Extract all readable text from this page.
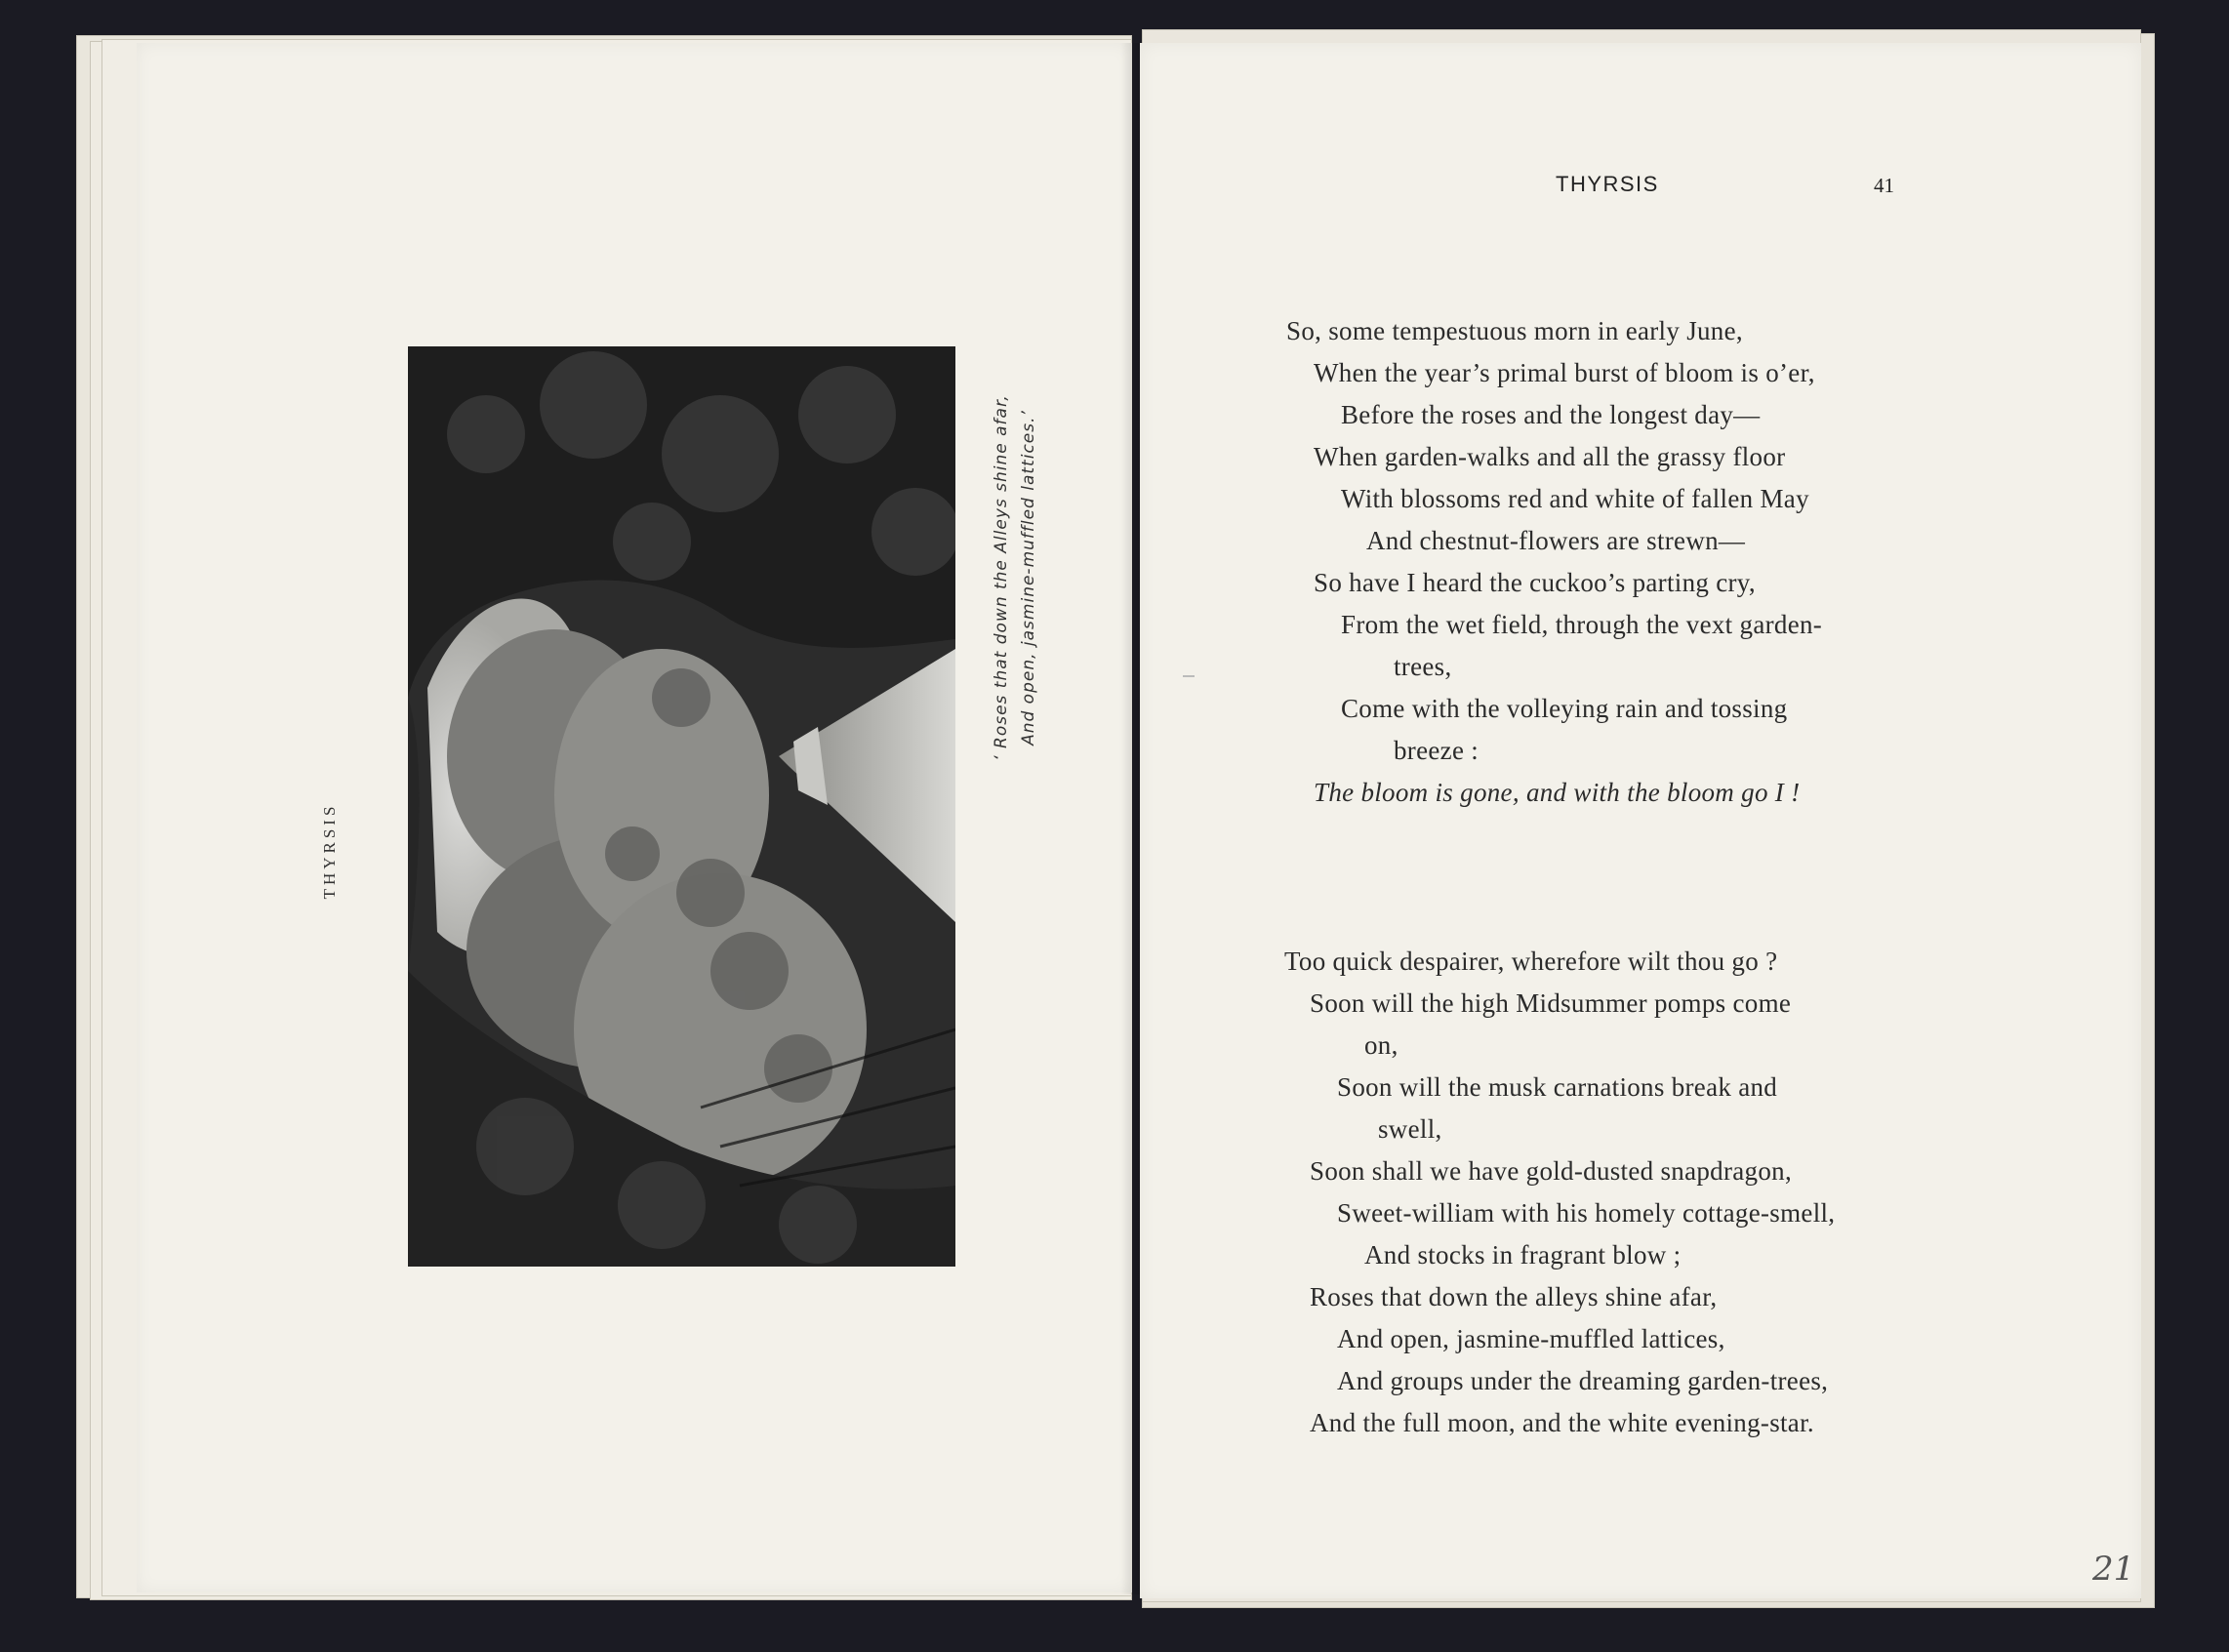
THYRSIS
‘ Roses that down the Alleys shine afar, And open, jasmine-muffled lattices.’
THYRSIS	41
So, some tempestuous morn in early June,
When the year’s primal burst of bloom is o’er,
Before the roses and the longest day—
When garden-walks and all the grassy floor
With blossoms red and white of fallen May
And chestnut-flowers are strewn—
So have I heard the cuckoo’s parting cry,
From the wet field, through the vext garden-
trees,
Come with the volleying rain and tossing
breeze :
The bloom is gone, and with the bloom go I !
Too quick despairer, wherefore wilt thou go ?
Soon will the high Midsummer pomps come
on,
Soon will the musk carnations break and
swell,
Soon shall we have gold-dusted snapdragon,
Sweet-william with his homely cottage-smell,
And stocks in fragrant blow ;
Roses that down the alleys shine afar,
And open, jasmine-muffled lattices,
And groups under the dreaming garden-trees,
And the full moon, and the white evening-star.
21
